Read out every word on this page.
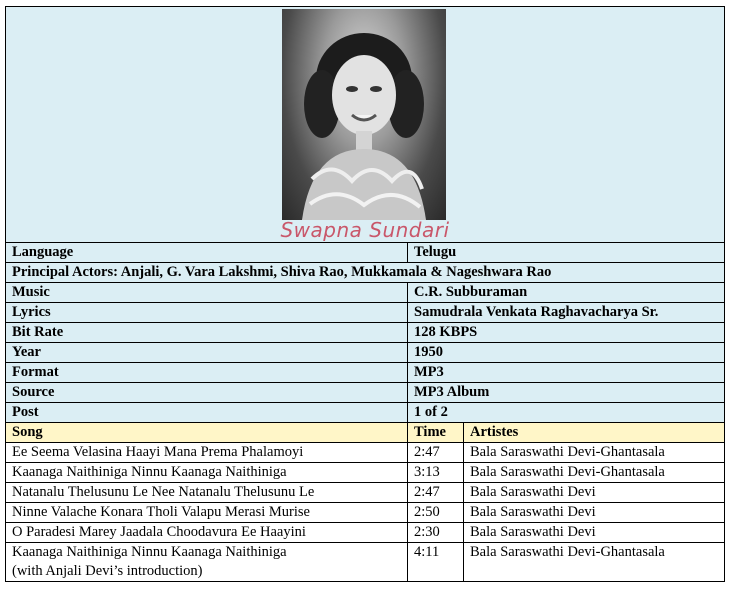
Swapna Sundari		

Language	Telugu	
Principal Actors: Anjali, G. Vara Lakshmi, Shiva Rao, Mukkamala & Nageshwara Rao		
Music	C.R. Subburaman	
Lyrics	Samudrala Venkata Raghavacharya Sr.	
Bit Rate	128 KBPS	
Year	1950	
Format	MP3	
Source	MP3 Album	
Post	1 of 2	
Song	Time	Artistes
Ee Seema Velasina Haayi Mana Prema Phalamoyi	2:47	Bala Saraswathi Devi-Ghantasala
Kaanaga Naithiniga Ninnu Kaanaga Naithiniga	3:13	Bala Saraswathi Devi-Ghantasala
Natanalu Thelusunu Le Nee Natanalu Thelusunu Le	2:47	Bala Saraswathi Devi
Ninne Valache Konara Tholi Valapu Merasi Murise	2:50	Bala Saraswathi Devi
O Paradesi Marey Jaadala Choodavura Ee Haayini	2:30	Bala Saraswathi Devi
Kaanaga Naithiniga Ninnu Kaanaga Naithiniga
(with Anjali Devi’s introduction)	4:11	Bala Saraswathi Devi-Ghantasala
